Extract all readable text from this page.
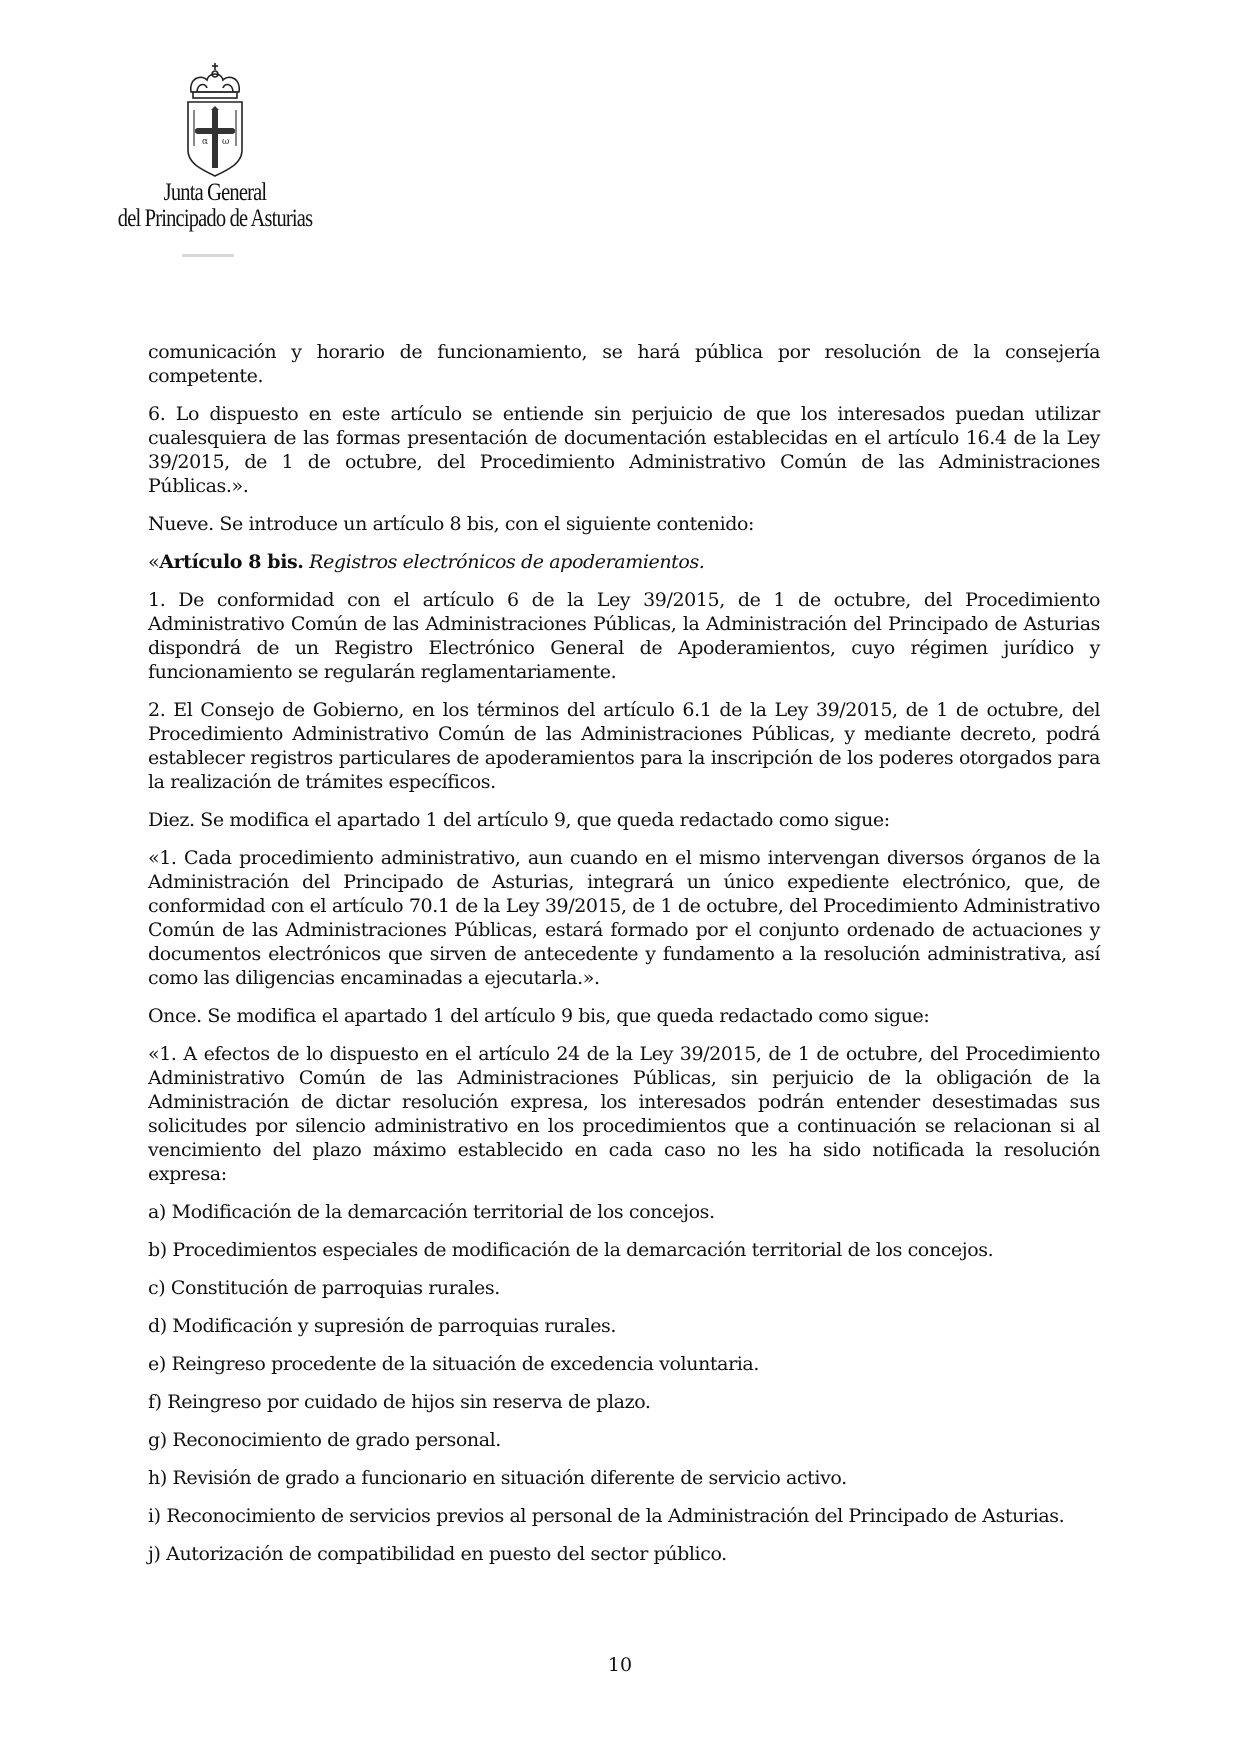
α ω
Junta General
del Principado de Asturias

comunicación y horario de funcionamiento, se hará pública por resolución de la consejería competente.

6. Lo dispuesto en este artículo se entiende sin perjuicio de que los interesados puedan utilizar cualesquiera de las formas presentación de documentación establecidas en el artículo 16.4 de la Ley 39/2015, de 1 de octubre, del Procedimiento Administrativo Común de las Administraciones Públicas.».

Nueve. Se introduce un artículo 8 bis, con el siguiente contenido:

«Artículo 8 bis. Registros electrónicos de apoderamientos.

1. De conformidad con el artículo 6 de la Ley 39/2015, de 1 de octubre, del Procedimiento Administrativo Común de las Administraciones Públicas, la Administración del Principado de Asturias dispondrá de un Registro Electrónico General de Apoderamientos, cuyo régimen jurídico y funcionamiento se regularán reglamentariamente.

2. El Consejo de Gobierno, en los términos del artículo 6.1 de la Ley 39/2015, de 1 de octubre, del Procedimiento Administrativo Común de las Administraciones Públicas, y mediante decreto, podrá establecer registros particulares de apoderamientos para la inscripción de los poderes otorgados para la realización de trámites específicos.

Diez. Se modifica el apartado 1 del artículo 9, que queda redactado como sigue:

«1. Cada procedimiento administrativo, aun cuando en el mismo intervengan diversos órganos de la Administración del Principado de Asturias, integrará un único expediente electrónico, que, de conformidad con el artículo 70.1 de la Ley 39/2015, de 1 de octubre, del Procedimiento Administrativo Común de las Administraciones Públicas, estará formado por el conjunto ordenado de actuaciones y documentos electrónicos que sirven de antecedente y fundamento a la resolución administrativa, así como las diligencias encaminadas a ejecutarla.».

Once. Se modifica el apartado 1 del artículo 9 bis, que queda redactado como sigue:

«1. A efectos de lo dispuesto en el artículo 24 de la Ley 39/2015, de 1 de octubre, del Procedimiento Administrativo Común de las Administraciones Públicas, sin perjuicio de la obligación de la Administración de dictar resolución expresa, los interesados podrán entender desestimadas sus solicitudes por silencio administrativo en los procedimientos que a continuación se relacionan si al vencimiento del plazo máximo establecido en cada caso no les ha sido notificada la resolución expresa:

a) Modificación de la demarcación territorial de los concejos.

b) Procedimientos especiales de modificación de la demarcación territorial de los concejos.

c) Constitución de parroquias rurales.

d) Modificación y supresión de parroquias rurales.

e) Reingreso procedente de la situación de excedencia voluntaria.

f) Reingreso por cuidado de hijos sin reserva de plazo.

g) Reconocimiento de grado personal.

h) Revisión de grado a funcionario en situación diferente de servicio activo.

i) Reconocimiento de servicios previos al personal de la Administración del Principado de Asturias.

j) Autorización de compatibilidad en puesto del sector público.

10
